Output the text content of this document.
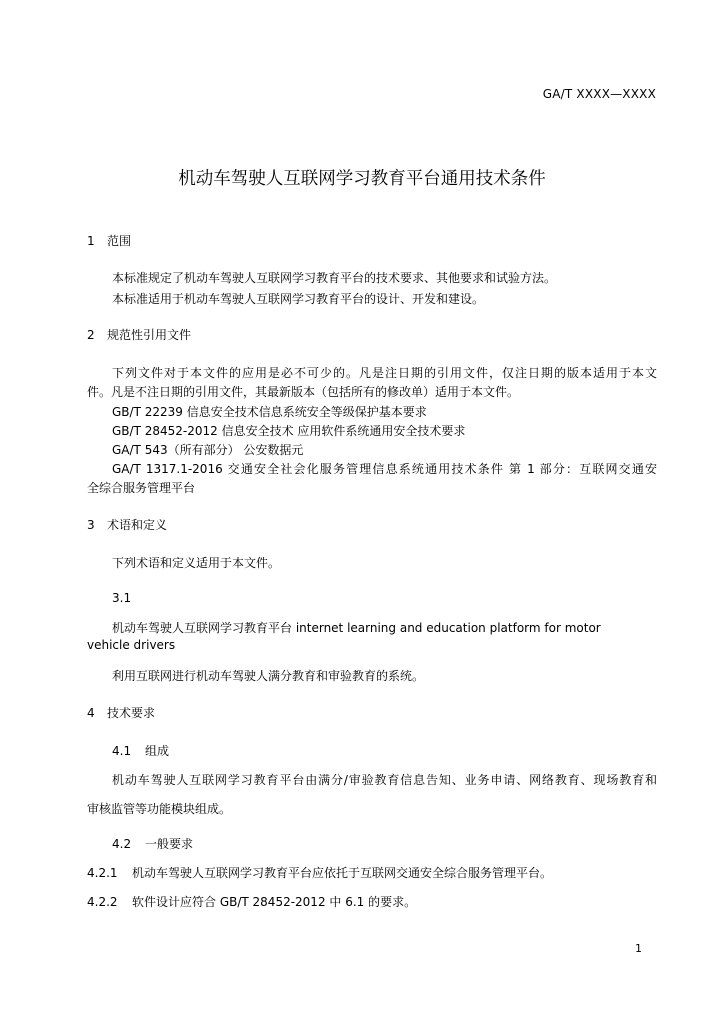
GA/T XXXX—XXXX
机动车驾驶人互联网学习教育平台通用技术条件
1 范围
本标准规定了机动车驾驶人互联网学习教育平台的技术要求、其他要求和试验方法。
本标准适用于机动车驾驶人互联网学习教育平台的设计、开发和建设。
2 规范性引用文件
下列文件对于本文件的应用是必不可少的。凡是注日期的引用文件，仅注日期的版本适用于本文
件。凡是不注日期的引用文件，其最新版本（包括所有的修改单）适用于本文件。
GB/T 22239 信息安全技术信息系统安全等级保护基本要求
GB/T 28452-2012 信息安全技术 应用软件系统通用安全技术要求
GA/T 543（所有部分） 公安数据元
GA/T 1317.1-2016 交通安全社会化服务管理信息系统通用技术条件 第 1 部分：互联网交通安
全综合服务管理平台
3 术语和定义
下列术语和定义适用于本文件。
3.1
机动车驾驶人互联网学习教育平台 internet learning and education platform for motor
vehicle drivers
利用互联网进行机动车驾驶人满分教育和审验教育的系统。
4 技术要求
4.1 组成
机动车驾驶人互联网学习教育平台由满分/审验教育信息告知、业务申请、网络教育、现场教育和
审核监管等功能模块组成。
4.2 一般要求
4.2.1 机动车驾驶人互联网学习教育平台应依托于互联网交通安全综合服务管理平台。
4.2.2 软件设计应符合 GB/T 28452-2012 中 6.1 的要求。
1
